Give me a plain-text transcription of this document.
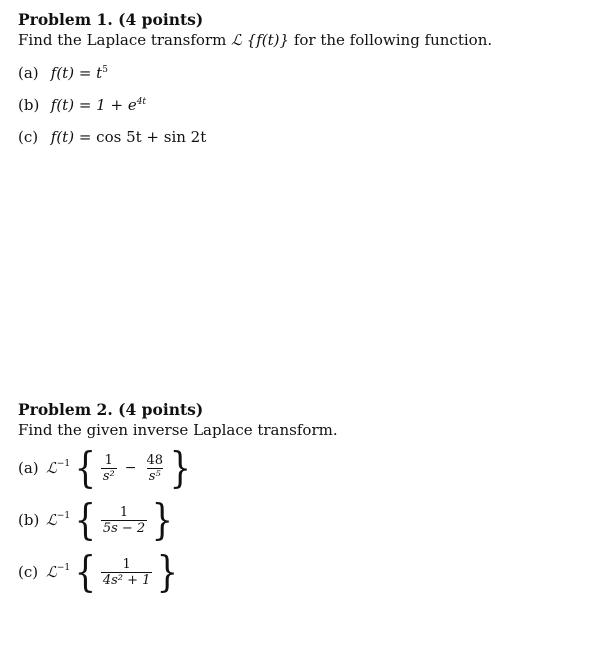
Problem 1. (4 points)
Find the Laplace transform ℒ {f(t)} for the following function.
(a) $f(t) = t^5$
(b) $f(t) = 1 + e^{4t}$
(c) f(t) = cos 5t + sin 2t
Problem 2. (4 points)
Find the given inverse Laplace transform.
(a) ℒ$^{-1}$ { $\frac{1}{\text{s²}} - \frac{48}{\text{s⁵}}$ }
(b) ℒ$^{-1}$ { $\frac{1}{5s - 2}$ }
(c) ℒ$^{-1}$ { $\frac{1}{\text{4s² + 1}}$ }
